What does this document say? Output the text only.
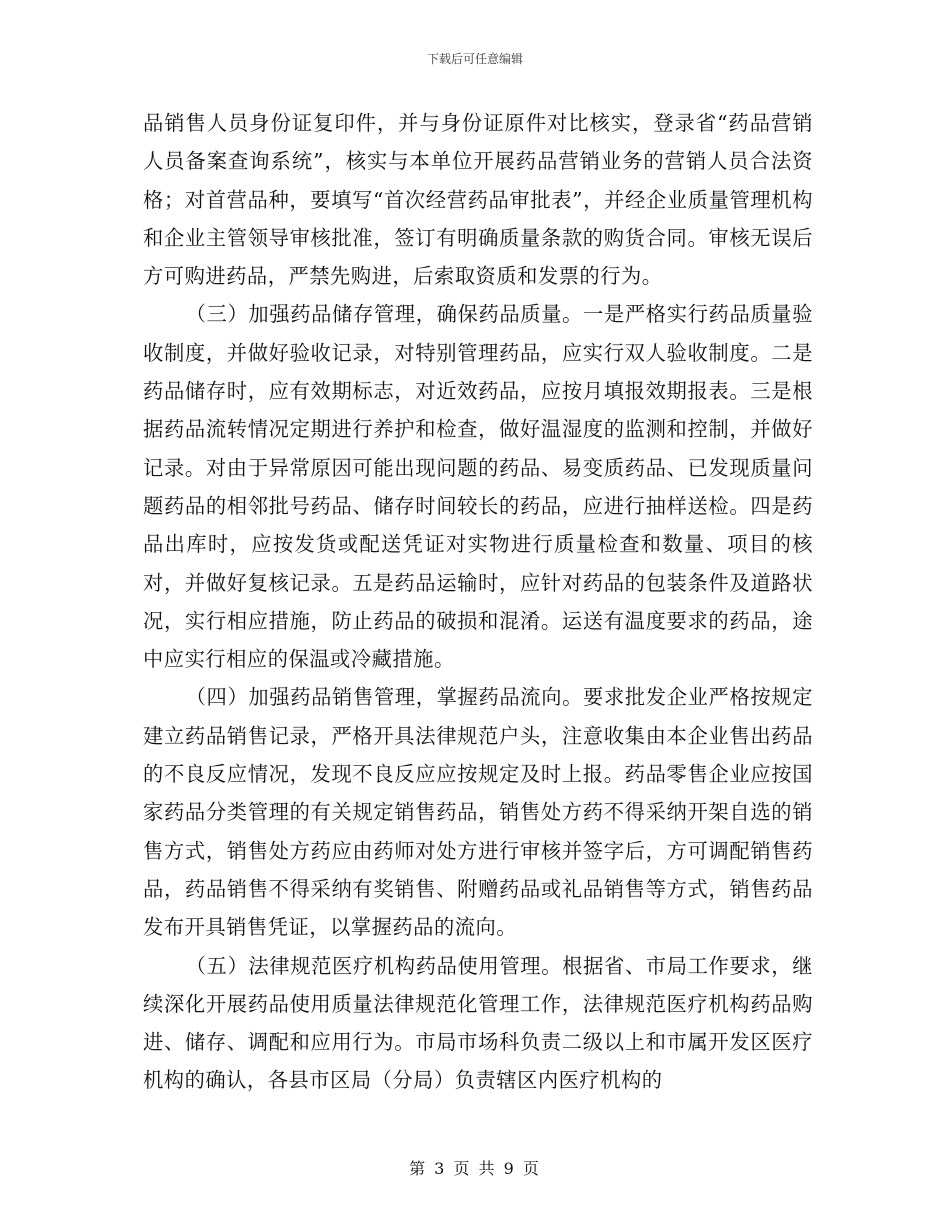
下载后可任意编辑

品销售人员身份证复印件，并与身份证原件对比核实，登录省“药品营销人员备案查询系统”，核实与本单位开展药品营销业务的营销人员合法资格；对首营品种，要填写“首次经营药品审批表”，并经企业质量管理机构和企业主管领导审核批准，签订有明确质量条款的购货合同。审核无误后方可购进药品，严禁先购进，后索取资质和发票的行为。

（三）加强药品储存管理，确保药品质量。一是严格实行药品质量验收制度，并做好验收记录，对特别管理药品，应实行双人验收制度。二是药品储存时，应有效期标志，对近效药品，应按月填报效期报表。三是根据药品流转情况定期进行养护和检查，做好温湿度的监测和控制，并做好记录。对由于异常原因可能出现问题的药品、易变质药品、已发现质量问题药品的相邻批号药品、储存时间较长的药品，应进行抽样送检。四是药品出库时，应按发货或配送凭证对实物进行质量检查和数量、项目的核对，并做好复核记录。五是药品运输时，应针对药品的包装条件及道路状况，实行相应措施，防止药品的破损和混淆。运送有温度要求的药品，途中应实行相应的保温或冷藏措施。

（四）加强药品销售管理，掌握药品流向。要求批发企业严格按规定建立药品销售记录，严格开具法律规范户头，注意收集由本企业售出药品的不良反应情况，发现不良反应应按规定及时上报。药品零售企业应按国家药品分类管理的有关规定销售药品，销售处方药不得采纳开架自选的销售方式，销售处方药应由药师对处方进行审核并签字后，方可调配销售药品，药品销售不得采纳有奖销售、附赠药品或礼品销售等方式，销售药品发布开具销售凭证，以掌握药品的流向。

（五）法律规范医疗机构药品使用管理。根据省、市局工作要求，继续深化开展药品使用质量法律规范化管理工作，法律规范医疗机构药品购进、储存、调配和应用行为。市局市场科负责二级以上和市属开发区医疗机构的确认，各县市区局（分局）负责辖区内医疗机构的

第 3 页 共 9 页
